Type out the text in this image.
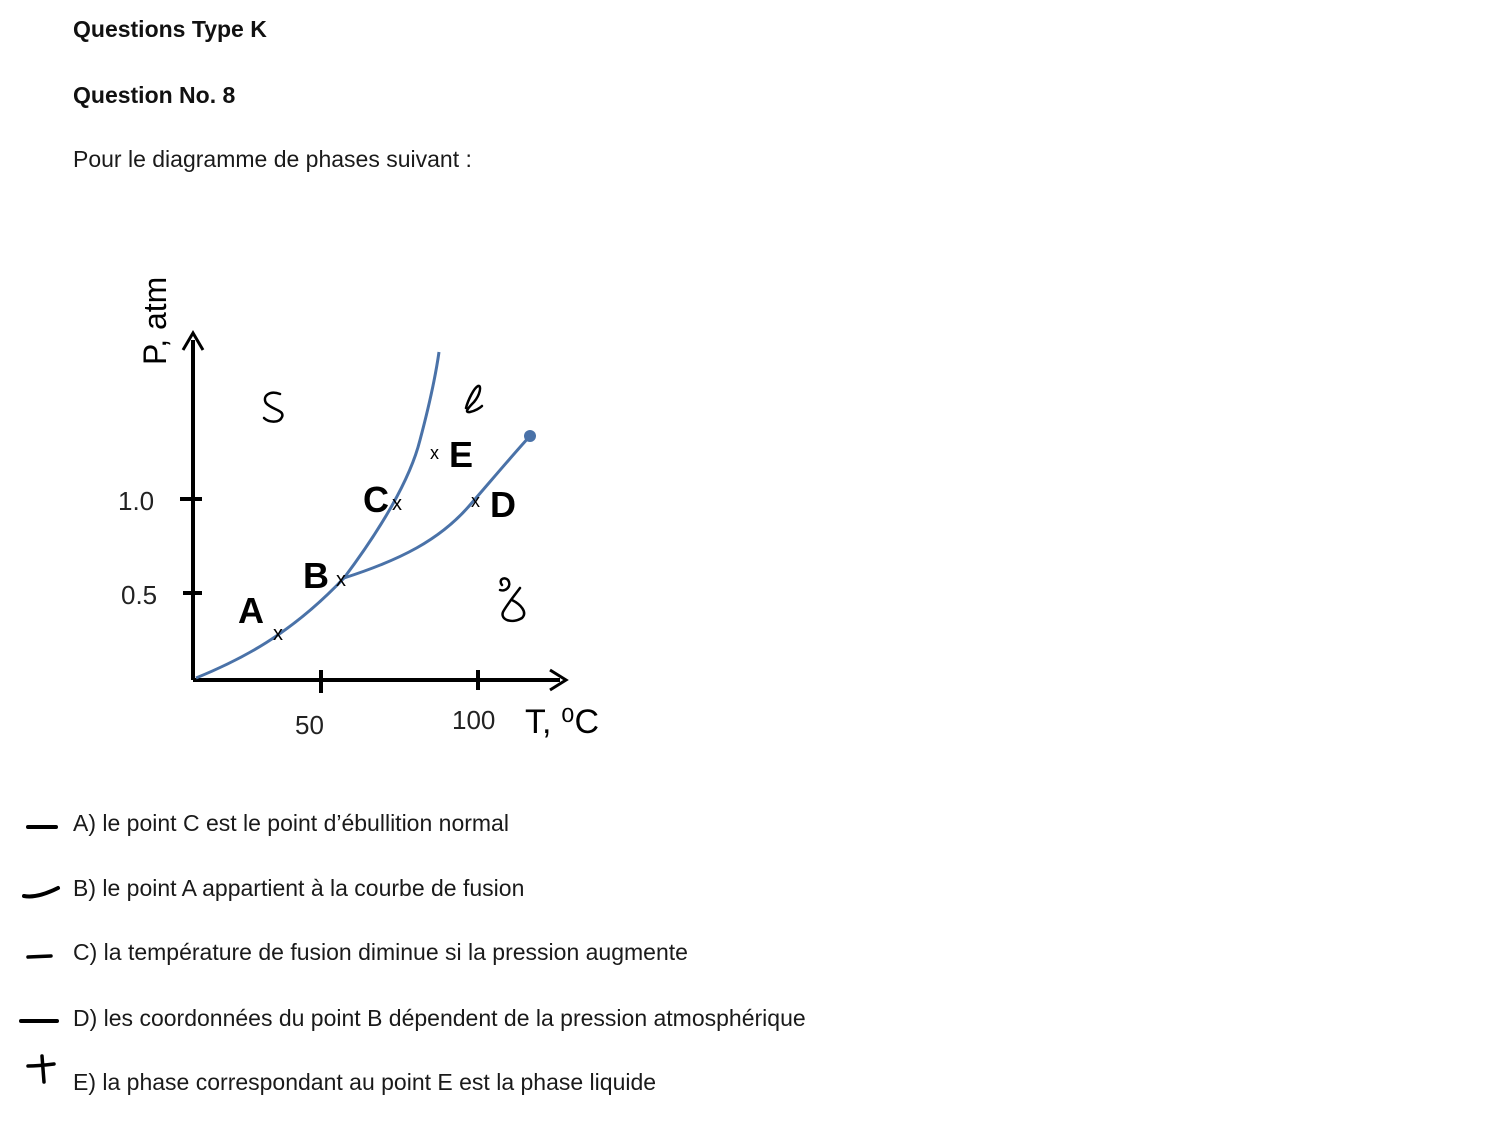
Questions Type K
Question No. 8
Pour le diagramme de phases suivant :
P, atm
T, ⁰C
1.0
0.5
50	100
A
x
B x
C x D
x
E
x
A) le point C est le point d’ébullition normal
B) le point A appartient à la courbe de fusion
C) la température de fusion diminue si la pression augmente
D) les coordonnées du point B dépendent de la pression atmosphérique
E) la phase correspondant au point E est la phase liquide
